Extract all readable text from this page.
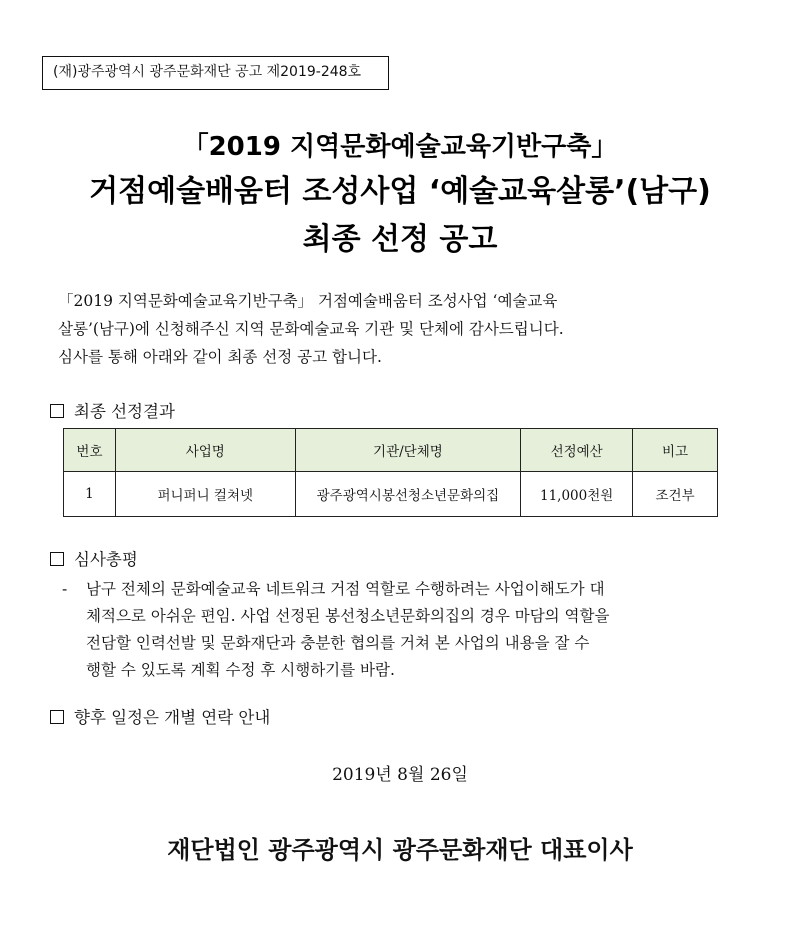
(재)광주광역시 광주문화재단 공고 제2019-248호
「2019 지역문화예술교육기반구축」
거점예술배움터 조성사업 ‘예술교육살롱’(남구)
최종 선정 공고
「2019 지역문화예술교육기반구축」 거점예술배움터 조성사업 ‘예술교육
살롱’(남구)에 신청해주신 지역 문화예술교육 기관 및 단체에 감사드립니다.
심사를 통해 아래와 같이 최종 선정 공고 합니다.
최종 선정결과
번호	사업명	기관/단체명	선정예산	비고
1	퍼니퍼니 컬쳐넷	광주광역시봉선청소년문화의집	11,000천원	조건부
심사총평
- 남구 전체의 문화예술교육 네트워크 거점 역할로 수행하려는 사업이해도가 대
체적으로 아쉬운 편임. 사업 선정된 봉선청소년문화의집의 경우 마담의 역할을
전담할 인력선발 및 문화재단과 충분한 협의를 거쳐 본 사업의 내용을 잘 수
행할 수 있도록 계획 수정 후 시행하기를 바람.
향후 일정은 개별 연락 안내
2019년 8월 26일
재단법인 광주광역시 광주문화재단 대표이사
